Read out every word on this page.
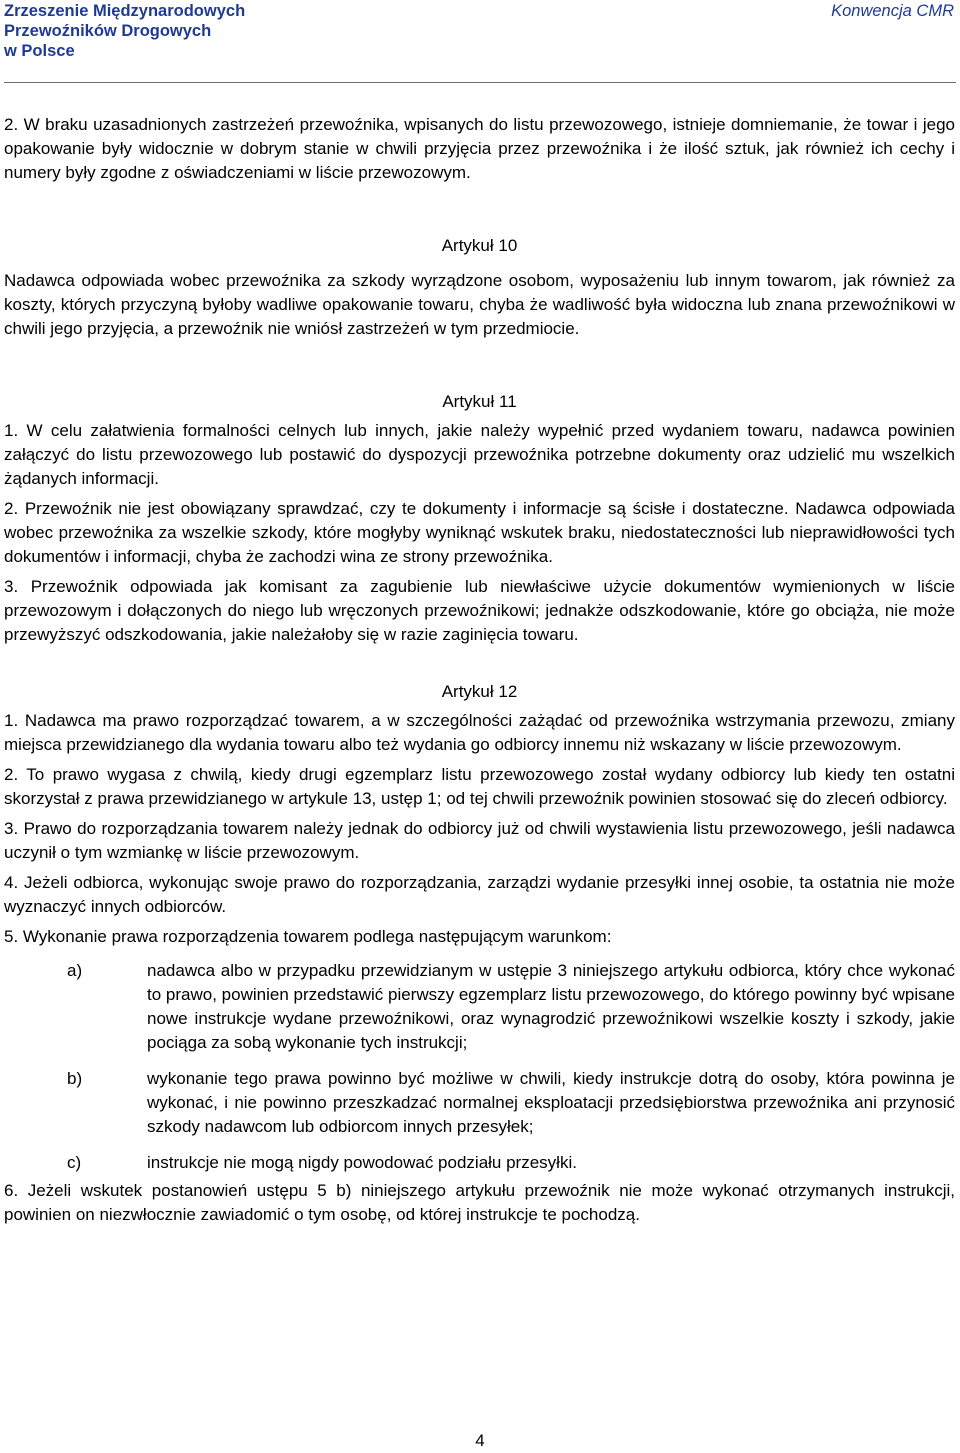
Zrzeszenie Międzynarodowych
Przewoźników Drogowych
w Polsce
Konwencja CMR

2. W braku uzasadnionych zastrzeżeń przewoźnika, wpisanych do listu przewozowego, istnieje domniemanie, że towar i jego opakowanie były widocznie w dobrym stanie w chwili przyjęcia przez przewoźnika i że ilość sztuk, jak również ich cechy i numery były zgodne z oświadczeniami w liście przewozowym.

Artykuł 10

Nadawca odpowiada wobec przewoźnika za szkody wyrządzone osobom, wyposażeniu lub innym towarom, jak również za koszty, których przyczyną byłoby wadliwe opakowanie towaru, chyba że wadliwość była widoczna lub znana przewoźnikowi w chwili jego przyjęcia, a przewoźnik nie wniósł zastrzeżeń w tym przedmiocie.

Artykuł 11

1. W celu załatwienia formalności celnych lub innych, jakie należy wypełnić przed wydaniem towaru, nadawca powinien załączyć do listu przewozowego lub postawić do dyspozycji przewoźnika potrzebne dokumenty oraz udzielić mu wszelkich żądanych informacji.

2. Przewoźnik nie jest obowiązany sprawdzać, czy te dokumenty i informacje są ścisłe i dostateczne. Nadawca odpowiada wobec przewoźnika za wszelkie szkody, które mogłyby wyniknąć wskutek braku, niedostateczności lub nieprawidłowości tych dokumentów i informacji, chyba że zachodzi wina ze strony przewoźnika.

3. Przewoźnik odpowiada jak komisant za zagubienie lub niewłaściwe użycie dokumentów wymienionych w liście przewozowym i dołączonych do niego lub wręczonych przewoźnikowi; jednakże odszkodowanie, które go obciąża, nie może przewyższyć odszkodowania, jakie należałoby się w razie zaginięcia towaru.

Artykuł 12

1. Nadawca ma prawo rozporządzać towarem, a w szczególności zażądać od przewoźnika wstrzymania przewozu, zmiany miejsca przewidzianego dla wydania towaru albo też wydania go odbiorcy innemu niż wskazany w liście przewozowym.

2. To prawo wygasa z chwilą, kiedy drugi egzemplarz listu przewozowego został wydany odbiorcy lub kiedy ten ostatni skorzystał z prawa przewidzianego w artykule 13, ustęp 1; od tej chwili przewoźnik powinien stosować się do zleceń odbiorcy.

3. Prawo do rozporządzania towarem należy jednak do odbiorcy już od chwili wystawienia listu przewozowego, jeśli nadawca uczynił o tym wzmiankę w liście przewozowym.

4. Jeżeli odbiorca, wykonując swoje prawo do rozporządzania, zarządzi wydanie przesyłki innej osobie, ta ostatnia nie może wyznaczyć innych odbiorców.

5. Wykonanie prawa rozporządzenia towarem podlega następującym warunkom:

a)	nadawca albo w przypadku przewidzianym w ustępie 3 niniejszego artykułu odbiorca, który chce wykonać to prawo, powinien przedstawić pierwszy egzemplarz listu przewozowego, do którego powinny być wpisane nowe instrukcje wydane przewoźnikowi, oraz wynagrodzić przewoźnikowi wszelkie koszty i szkody, jakie pociąga za sobą wykonanie tych instrukcji;
b)	wykonanie tego prawa powinno być możliwe w chwili, kiedy instrukcje dotrą do osoby, która powinna je wykonać, i nie powinno przeszkadzać normalnej eksploatacji przedsiębiorstwa przewoźnika ani przynosić szkody nadawcom lub odbiorcom innych przesyłek;
c)	instrukcje nie mogą nigdy powodować podziału przesyłki.

6. Jeżeli wskutek postanowień ustępu 5 b) niniejszego artykułu przewoźnik nie może wykonać otrzymanych instrukcji, powinien on niezwłocznie zawiadomić o tym osobę, od której instrukcje te pochodzą.

4
